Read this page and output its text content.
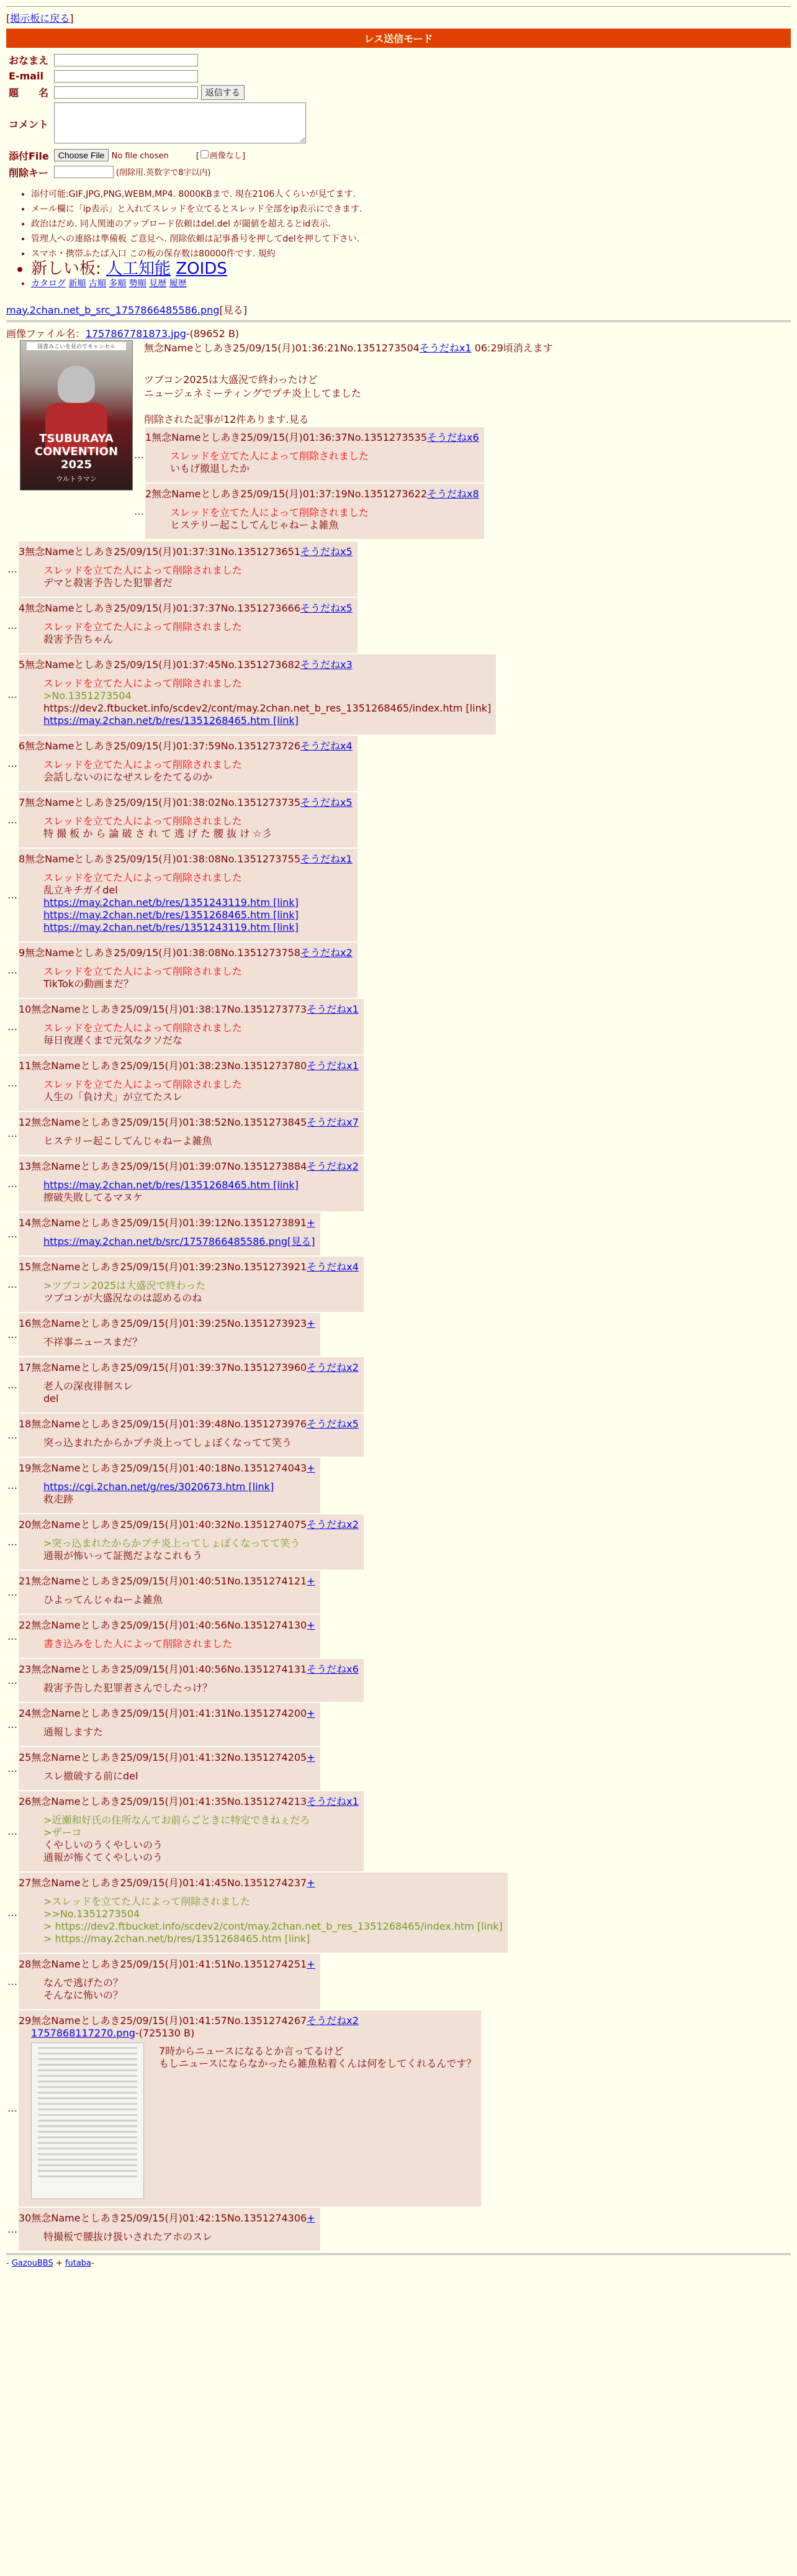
[掲示板に戻る]
レス送信モード
おなまえ	
E-mail	
題　　名	返信する
コメント	
添付File	Choose File No file chosen [ 画像なし]
削除キー	(削除用.英数字で8字以内)
• 添付可能:GIF,JPG,PNG,WEBM,MP4. 8000KBまで. 現在2106人くらいが見てます.
• メール欄に「ip表示」と入れてスレッドを立てるとスレッド全部をip表示にできます.
• 政治はだめ. 同人関連のアップロード依頼はdel.del が閾値を超えるとid表示.
• 管理人への連絡は準備板 ご意見へ. 削除依頼は記事番号を押してdelを押して下さい.
• スマホ・携帯ふたば入口 この板の保存数は80000件です. 規約
• 新しい板: 人工知能 ZOIDS
• カタログ 新順 古順 多順 勢順 見歴 履歴
may.2chan.net_b_src_1757866485586.png[見る]
画像ファイル名：1757867781873.jpg-(89652 B)
図書みこいを見のでキャンセル
TSUBURAYA CONVENTION 2025
ウルトラマン
無念Nameとしあき25/09/15(月)01:36:21No.1351273504そうだねx1 06:29頃消えます
ツブコン2025は大盛況で終わったけど
ニュージェネミーティングでプチ炎上してました
削除された記事が12件あります.見る
…
1無念Nameとしあき25/09/15(月)01:36:37No.1351273535そうだねx6
スレッドを立てた人によって削除されました
いもげ撤退したか
…
2無念Nameとしあき25/09/15(月)01:37:19No.1351273622そうだねx8
スレッドを立てた人によって削除されました
ヒステリー起こしてんじゃねーよ雑魚
…
3無念Nameとしあき25/09/15(月)01:37:31No.1351273651そうだねx5
スレッドを立てた人によって削除されました
デマと殺害予告した犯罪者だ
…
4無念Nameとしあき25/09/15(月)01:37:37No.1351273666そうだねx5
スレッドを立てた人によって削除されました
殺害予告ちゃん
…
5無念Nameとしあき25/09/15(月)01:37:45No.1351273682そうだねx3
スレッドを立てた人によって削除されました
>No.1351273504
https://dev2.ftbucket.info/scdev2/cont/may.2chan.net_b_res_1351268465/index.htm [link]
https://may.2chan.net/b/res/1351268465.htm [link]
…
6無念Nameとしあき25/09/15(月)01:37:59No.1351273726そうだねx4
スレッドを立てた人によって削除されました
会話しないのになぜスレをたてるのか
…
7無念Nameとしあき25/09/15(月)01:38:02No.1351273735そうだねx5
スレッドを立てた人によって削除されました
特 撮 板 か ら 論 破 さ れ て 逃 げ た 腰 抜 け ☆彡
…
8無念Nameとしあき25/09/15(月)01:38:08No.1351273755そうだねx1
スレッドを立てた人によって削除されました
乱立キチガイdel
https://may.2chan.net/b/res/1351243119.htm [link]
https://may.2chan.net/b/res/1351268465.htm [link]
https://may.2chan.net/b/res/1351243119.htm [link]
…
9無念Nameとしあき25/09/15(月)01:38:08No.1351273758そうだねx2
スレッドを立てた人によって削除されました
TikTokの動画まだ？
…
10無念Nameとしあき25/09/15(月)01:38:17No.1351273773そうだねx1
スレッドを立てた人によって削除されました
毎日夜遅くまで元気なクソだな
…
11無念Nameとしあき25/09/15(月)01:38:23No.1351273780そうだねx1
スレッドを立てた人によって削除されました
人生の「負け犬」が立てたスレ
…
12無念Nameとしあき25/09/15(月)01:38:52No.1351273845そうだねx7
ヒステリー起こしてんじゃねーよ雑魚
…
13無念Nameとしあき25/09/15(月)01:39:07No.1351273884そうだねx2
https://may.2chan.net/b/res/1351268465.htm [link]
擦破失敗してるマヌケ
…
14無念Nameとしあき25/09/15(月)01:39:12No.1351273891+
https://may.2chan.net/b/src/1757866485586.png[見る]
…
15無念Nameとしあき25/09/15(月)01:39:23No.1351273921そうだねx4
>ツブコン2025は大盛況で終わった
ツブコンが大盛況なのは認めるのね
…
16無念Nameとしあき25/09/15(月)01:39:25No.1351273923+
不祥事ニュースまだ？
…
17無念Nameとしあき25/09/15(月)01:39:37No.1351273960そうだねx2
老人の深夜徘徊スレ
del
…
18無念Nameとしあき25/09/15(月)01:39:48No.1351273976そうだねx5
突っ込まれたからかプチ炎上ってしょぼくなってて笑う
…
19無念Nameとしあき25/09/15(月)01:40:18No.1351274043+
https://cgi.2chan.net/g/res/3020673.htm [link]
救走跡
…
20無念Nameとしあき25/09/15(月)01:40:32No.1351274075そうだねx2
>突っ込まれたからかプチ炎上ってしょぼくなってて笑う
通報が怖いって証拠だよなこれもう
…
21無念Nameとしあき25/09/15(月)01:40:51No.1351274121+
ひよってんじゃねーよ雑魚
…
22無念Nameとしあき25/09/15(月)01:40:56No.1351274130+
書き込みをした人によって削除されました
…
23無念Nameとしあき25/09/15(月)01:40:56No.1351274131そうだねx6
殺害予告した犯罪者さんでしたっけ？
…
24無念Nameとしあき25/09/15(月)01:41:31No.1351274200+
通報しますた
…
25無念Nameとしあき25/09/15(月)01:41:32No.1351274205+
スレ撤破する前にdel
…
26無念Nameとしあき25/09/15(月)01:41:35No.1351274213そうだねx1
>近瀬和好氏の住所なんてお前らごときに特定できねぇだろ
>ザーコ
くやしいのうくやしいのう
通報が怖くてくやしいのう
…
27無念Nameとしあき25/09/15(月)01:41:45No.1351274237+
>スレッドを立てた人によって削除されました
>>No.1351273504
> https://dev2.ftbucket.info/scdev2/cont/may.2chan.net_b_res_1351268465/index.htm [link]
> https://may.2chan.net/b/res/1351268465.htm [link]
…
28無念Nameとしあき25/09/15(月)01:41:51No.1351274251+
なんで逃げたの？
そんなに怖いの？
…
29無念Nameとしあき25/09/15(月)01:41:57No.1351274267そうだねx2
1757868117270.png-(725130 B)
7時からニュースになるとか言ってるけど
もしニュースにならなかったら雑魚粘着くんは何をしてくれるんです？
…
30無念Nameとしあき25/09/15(月)01:42:15No.1351274306+
特撮板で腰抜け扱いされたアホのスレ
- GazouBBS + futaba-
